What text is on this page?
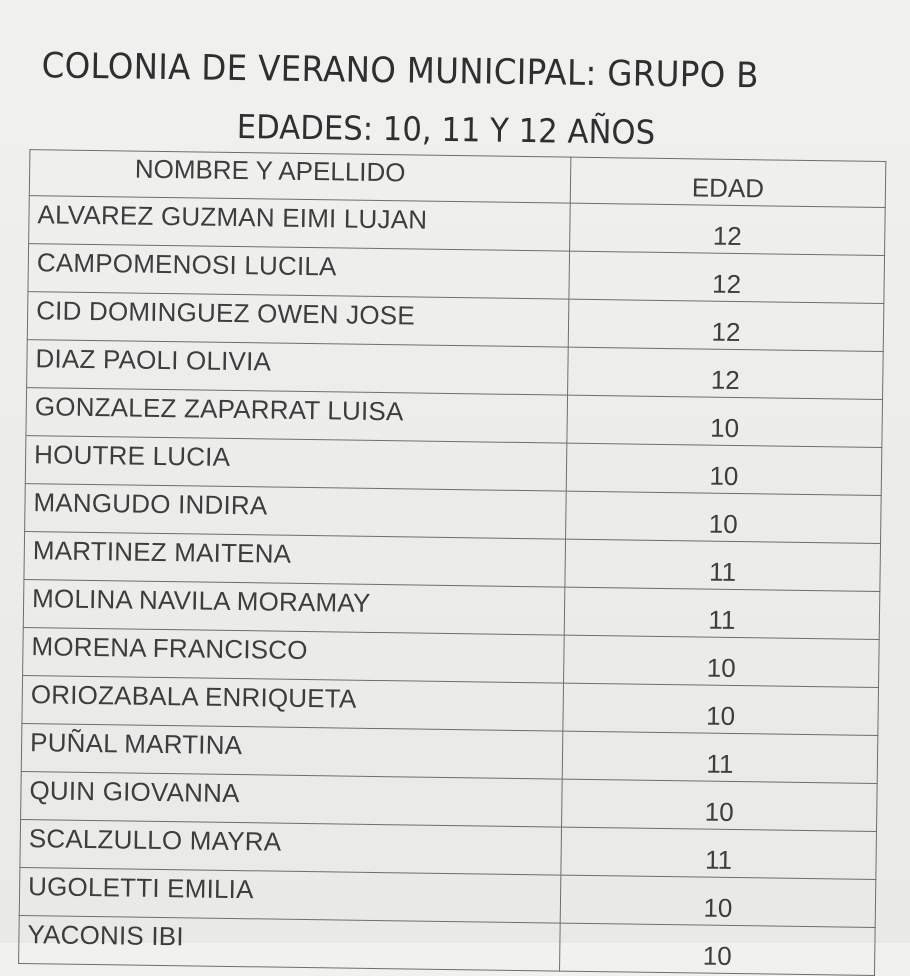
COLONIA DE VERANO MUNICIPAL: GRUPO B
EDADES: 10, 11 Y 12 AÑOS
NOMBRE Y APELLIDO	EDAD
ALVAREZ GUZMAN EIMI LUJAN	12
CAMPOMENOSI LUCILA	12
CID DOMINGUEZ OWEN JOSE	12
DIAZ PAOLI OLIVIA	12
GONZALEZ ZAPARRAT LUISA	10
HOUTRE LUCIA	10
MANGUDO INDIRA	10
MARTINEZ MAITENA	11
MOLINA NAVILA MORAMAY	11
MORENA FRANCISCO	10
ORIOZABALA ENRIQUETA	10
PUÑAL MARTINA	11
QUIN GIOVANNA	10
SCALZULLO MAYRA	11
UGOLETTI EMILIA	10
YACONIS IBI	10
